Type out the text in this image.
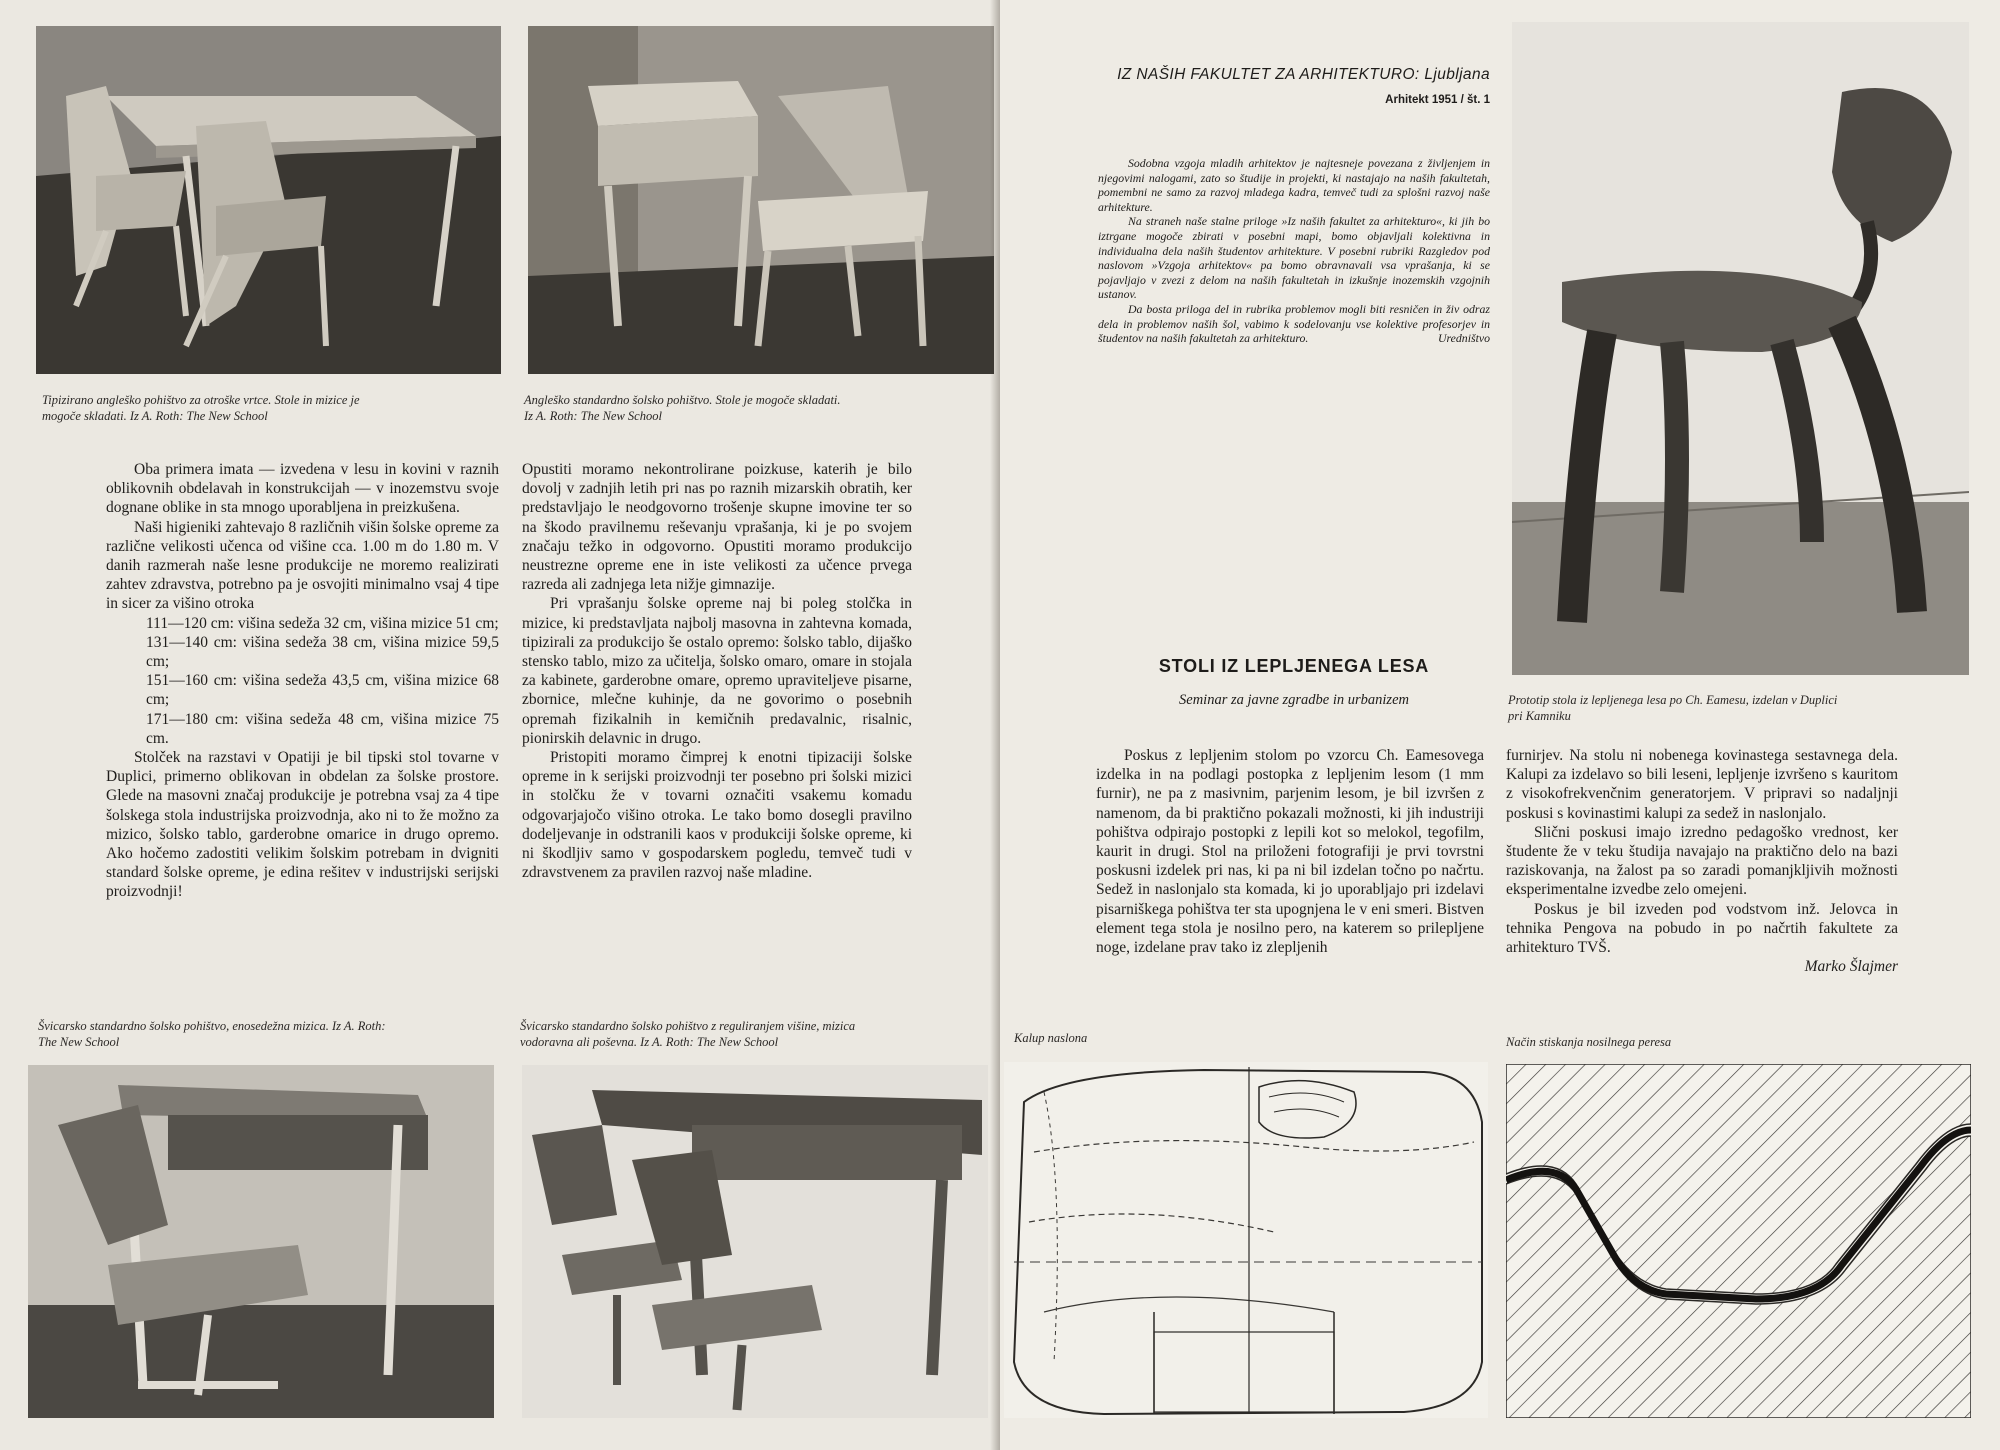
Tipizirano angleško pohištvo za otroške vrtce. Stole in mizice je
mogoče skladati. Iz A. Roth: The New School
Angleško standardno šolsko pohištvo. Stole je mogoče skladati.
Iz A. Roth: The New School

Oba primera imata — izvedena v lesu in kovini v raznih oblikovnih obdelavah in konstrukcijah — v inozemstvu svoje dognane oblike in sta mnogo uporabljena in preizkušena.

Naši higieniki zahtevajo 8 različnih višin šolske opreme za različne velikosti učenca od višine cca. 1.00 m do 1.80 m. V danih razmerah naše lesne produkcije ne moremo realizirati zahtev zdravstva, potrebno pa je osvojiti minimalno vsaj 4 tipe in sicer za višino otroka

111—120 cm: višina sedeža 32 cm, višina mizice 51 cm;

131—140 cm: višina sedeža 38 cm, višina mizice 59,5 cm;

151—160 cm: višina sedeža 43,5 cm, višina mizice 68 cm;

171—180 cm: višina sedeža 48 cm, višina mizice 75 cm.

Stolček na razstavi v Opatiji je bil tipski stol tovarne v Duplici, primerno oblikovan in obdelan za šolske prostore. Glede na masovni značaj produkcije je potrebna vsaj za 4 tipe šolskega stola industrijska proizvodnja, ako ni to že možno za mizico, šolsko tablo, garderobne omarice in drugo opremo. Ako hočemo zadostiti velikim šolskim potrebam in dvigniti standard šolske opreme, je edina rešitev v industrijski serijski proizvodnji!

Opustiti moramo nekontrolirane poizkuse, katerih je bilo dovolj v zadnjih letih pri nas po raznih mizarskih obratih, ker predstavljajo le neodgovorno trošenje skupne imovine ter so na škodo pravilnemu reševanju vprašanja, ki je po svojem značaju težko in odgovorno. Opustiti moramo produkcijo neustrezne opreme ene in iste velikosti za učence prvega razreda ali zadnjega leta nižje gimnazije.

Pri vprašanju šolske opreme naj bi poleg stolčka in mizice, ki predstavljata najbolj masovna in zahtevna komada, tipizirali za produkcijo še ostalo opremo: šolsko tablo, dijaško stensko tablo, mizo za učitelja, šolsko omaro, omare in stojala za kabinete, garderobne omare, opremo upraviteljeve pisarne, zbornice, mlečne kuhinje, da ne govorimo o posebnih opremah fizikalnih in kemičnih predavalnic, risalnic, pionirskih delavnic in drugo.

Pristopiti moramo čimprej k enotni tipizaciji šolske opreme in k serijski proizvodnji ter posebno pri šolski mizici in stolčku že v tovarni označiti vsakemu komadu odgovarjajočo višino otroka. Le tako bomo dosegli pravilno dodeljevanje in odstranili kaos v produkciji šolske opreme, ki ni škodljiv samo v gospodarskem pogledu, temveč tudi v zdravstvenem za pravilen razvoj naše mladine.

Švicarsko standardno šolsko pohištvo, enosedežna mizica. Iz A. Roth:
The New School
Švicarsko standardno šolsko pohištvo z reguliranjem višine, mizica
vodoravna ali poševna. Iz A. Roth: The New School
IZ NAŠIH FAKULTET ZA ARHITEKTURO: Ljubljana
Arhitekt 1951 / št. 1

Sodobna vzgoja mladih arhitektov je najtesneje povezana z življenjem in njegovimi nalogami, zato so študije in projekti, ki nastajajo na naših fakultetah, pomembni ne samo za razvoj mladega kadra, temveč tudi za splošni razvoj naše arhitekture.

Na straneh naše stalne priloge »Iz naših fakultet za arhitekturo«, ki jih bo iztrgane mogoče zbirati v posebni mapi, bomo objavljali kolektivna in individualna dela naših študentov arhitekture. V posebni rubriki Razgledov pod naslovom »Vzgoja arhitektov« pa bomo obravnavali vsa vprašanja, ki se pojavljajo v zvezi z delom na naših fakultetah in izkušnje inozemskih vzgojnih ustanov.

Da bosta priloga del in rubrika problemov mogli biti resničen in živ odraz dela in problemov naših šol, vabimo k sodelovanju vse kolektive profesorjev in študentov na naših fakultetah za arhitekturo.	Uredništvo

Prototip stola iz lepljenega lesa po Ch. Eamesu, izdelan v Duplici
pri Kamniku
STOLI IZ LEPLJENEGA LESA
Seminar za javne zgradbe in urbanizem

Poskus z lepljenim stolom po vzorcu Ch. Eamesovega izdelka in na podlagi postopka z lepljenim lesom (1 mm furnir), ne pa z masivnim, parjenim lesom, je bil izvršen z namenom, da bi praktično pokazali možnosti, ki jih industriji pohištva odpirajo postopki z lepili kot so melokol, tegofilm, kaurit in drugi. Stol na priloženi fotografiji je prvi tovrstni poskusni izdelek pri nas, ki pa ni bil izdelan točno po načrtu. Sedež in naslonjalo sta komada, ki jo uporabljajo pri izdelavi pisarniškega pohištva ter sta upognjena le v eni smeri. Bistven element tega stola je nosilno pero, na katerem so prilepljene noge, izdelane prav tako iz zlepljenih

furnirjev. Na stolu ni nobenega kovinastega sestavnega dela. Kalupi za izdelavo so bili leseni, lepljenje izvršeno s kauritom z visokofrekvenčnim generatorjem. V pripravi so nadaljnji poskusi s kovinastimi kalupi za sedež in naslonjalo.

Slični poskusi imajo izredno pedagoško vrednost, ker študente že v teku študija navajajo na praktično delo na bazi raziskovanja, na žalost pa so zaradi pomanjkljivih možnosti eksperimentalne izvedbe zelo omejeni.

Poskus je bil izveden pod vodstvom inž. Jelovca in tehnika Pengova na pobudo in po načrtih fakultete za arhitekturo TVŠ.

Marko Šlajmer

Kalup naslona	Način stiskanja nosilnega peresa
